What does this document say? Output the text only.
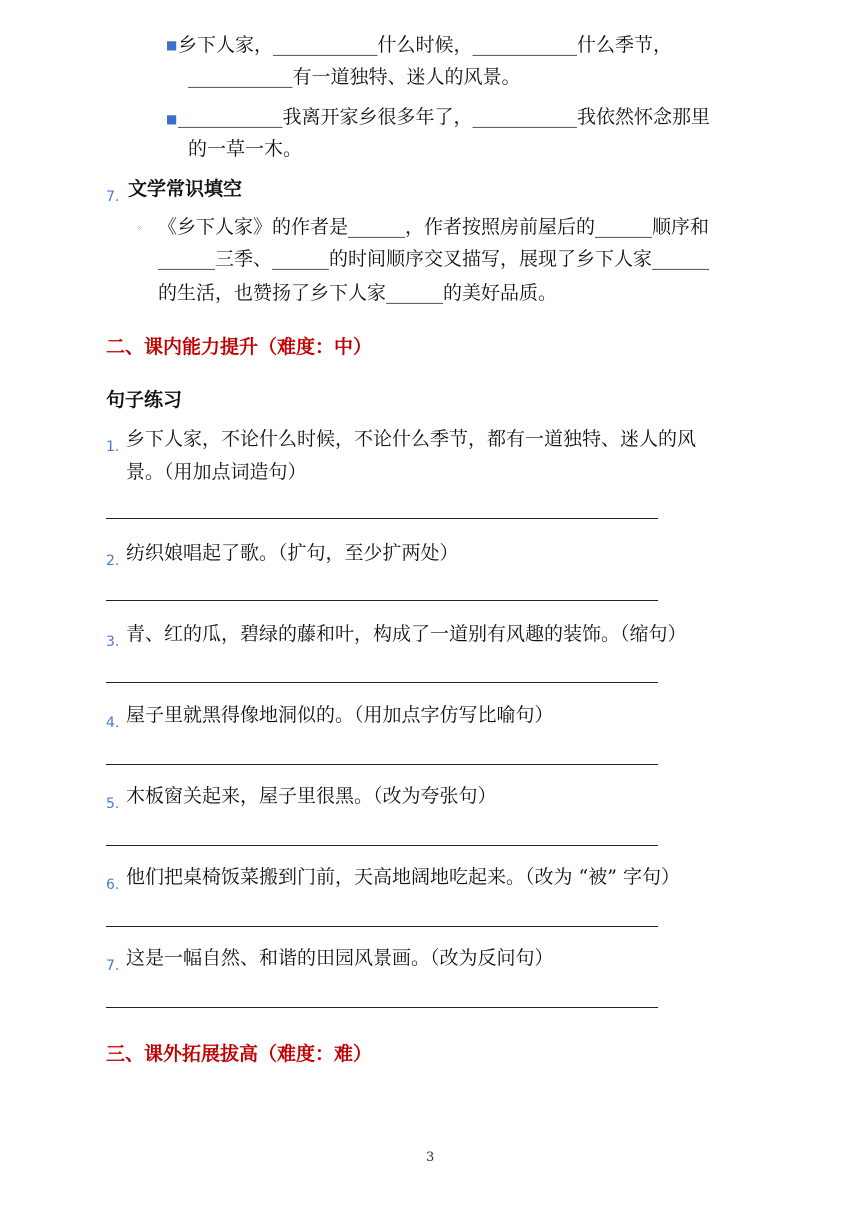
■ 乡下人家，___________什么时候，___________什么季节，
___________有一道独特、迷人的风景。
■ ___________我离开家乡很多年了，___________我依然怀念那里
的一草一木。
7. 文学常识填空
◦ 《乡下人家》的作者是______，作者按照房前屋后的______顺序和
______三季、______的时间顺序交叉描写，展现了乡下人家______
的生活，也赞扬了乡下人家______的美好品质。
二、课内能力提升（难度：中）
句子练习
1. 乡下人家，不论什么时候，不论什么季节，都有一道独特、迷人的风
景。（用加点词造句）
2. 纺织娘唱起了歌。（扩句，至少扩两处）
3. 青、红的瓜，碧绿的藤和叶，构成了一道别有风趣的装饰。（缩句）
4. 屋子里就黑得像地洞似的。（用加点字仿写比喻句）
5. 木板窗关起来，屋子里很黑。（改为夸张句）
6. 他们把桌椅饭菜搬到门前，天高地阔地吃起来。（改为 “被” 字句）
7. 这是一幅自然、和谐的田园风景画。（改为反问句）
三、课外拓展拔高（难度：难）
3
